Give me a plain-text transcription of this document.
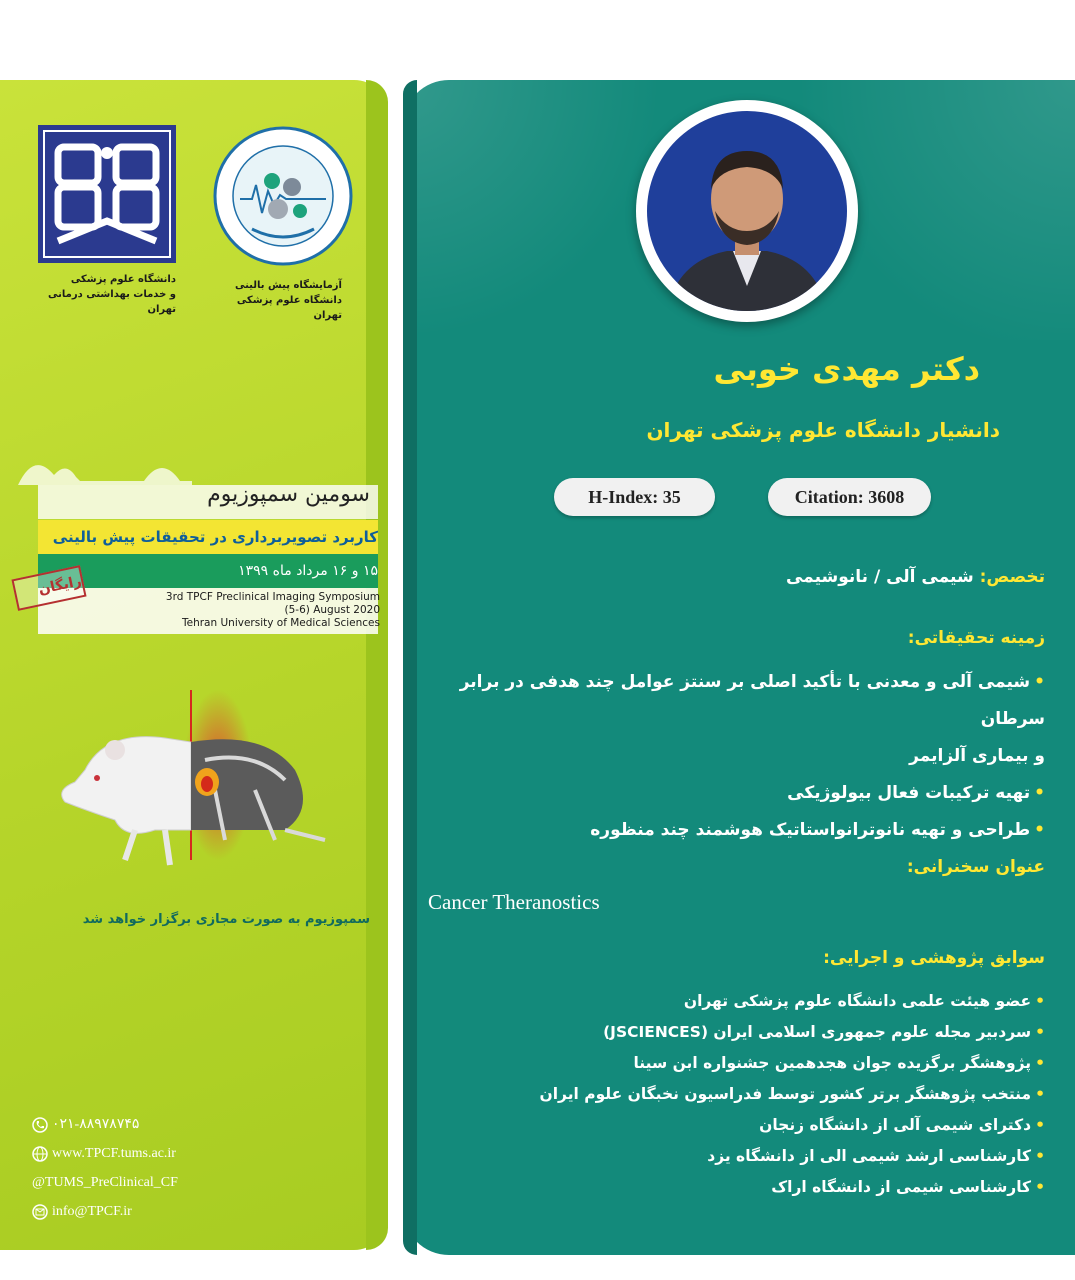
دانشگاه علوم پزشکی
و خدمات بهداشتی درمانی تهران
آزمایشگاه پیش بالینی
دانشگاه علوم پزشکی تهران
سومین سمپوزیوم
کاربرد تصویربرداری در تحقیقات پیش بالینی
۱۵ و ۱۶ مرداد ماه ۱۳۹۹
رایگان	3rd TPCF Preclinical Imaging Symposium
(5-6) August 2020
Tehran University of Medical Sciences
سمپوزیوم به صورت مجازی برگزار خواهد شد
۰۲۱-۸۸۹۷۸۷۴۵
www.TPCF.tums.ac.ir
@TUMS_PreClinical_CF
info@TPCF.ir
دکتر مهدی خوبی
دانشیار دانشگاه علوم پزشکی تهران
H-Index: 35	Citation: 3608
تخصص: شیمی آلی / نانوشیمی
زمینه تحقیقاتی:
• شیمی آلی و معدنی با تأکید اصلی بر سنتز عوامل چند هدفی در برابر سرطان
و بیماری آلزایمر
• تهیه ترکیبات فعال بیولوژیکی
• طراحی و تهیه نانوترانواستاتیک هوشمند چند منظوره
عنوان سخنرانی:
Cancer Theranostics
سوابق پژوهشی و اجرایی:
• عضو هیئت علمی دانشگاه علوم پزشکی تهران
• سردبیر مجله علوم جمهوری اسلامی ایران (JSCIENCES)
• پژوهشگر برگزیده جوان هجدهمین جشنواره ابن سینا
• منتخب پژوهشگر برتر کشور توسط فدراسیون نخبگان علوم ایران
• دکترای شیمی آلی از دانشگاه زنجان
• کارشناسی ارشد شیمی الی از دانشگاه یزد
• کارشناسی شیمی از دانشگاه اراک
